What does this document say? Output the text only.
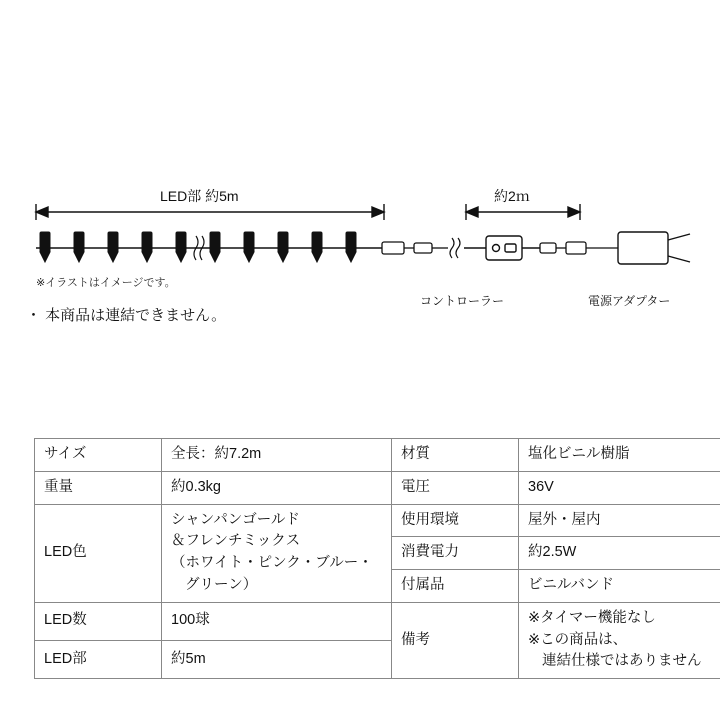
LED部 約5m	約2ｍ
コントローラー	電源アダプター
※イラストはイメージです。
・ 本商品は連結できません。
サイズ	全長：約7.2m	材質	塩化ビニル樹脂
重量	約0.3kg	電圧	36V
LED色	シャンパンゴールド
＆フレンチミックス
（ホワイト・ピンク・ブルー・
グリーン）	使用環境	屋外・屋内
		消費電力	約2.5W
		付属品	ビニルバンド
LED数	100球	備考	※タイマー機能なし
※この商品は、
連結仕様ではありません

LED部	約5m		
